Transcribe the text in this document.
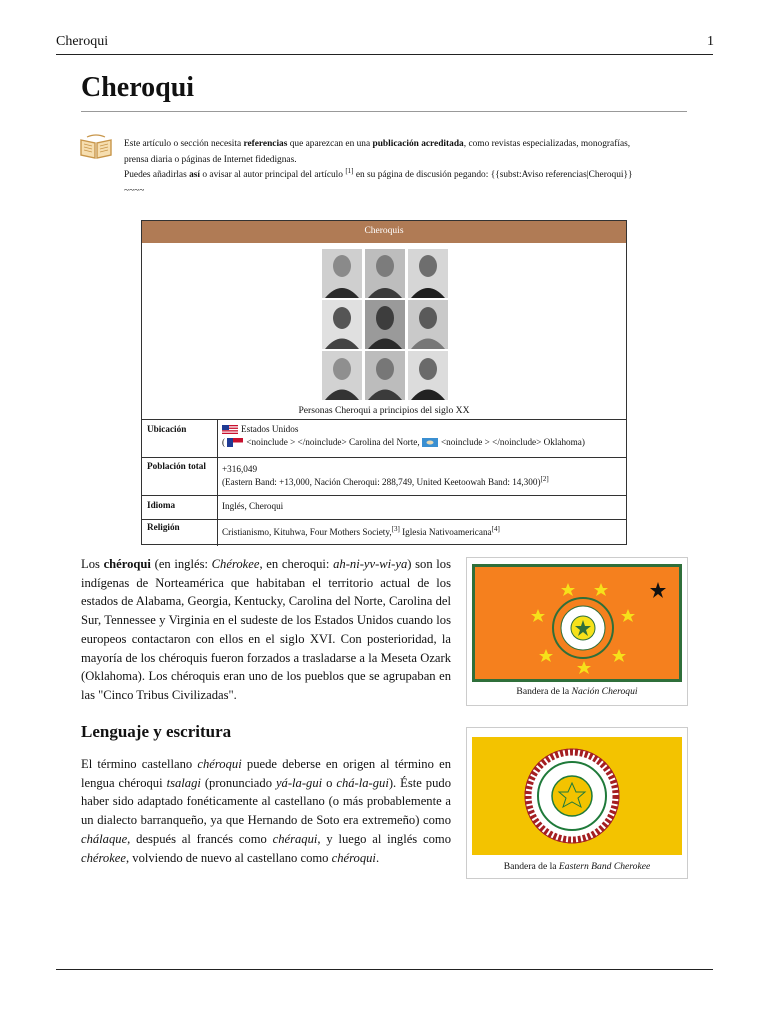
Cheroqui	1
Cheroqui
Este artículo o sección necesita referencias que aparezcan en una publicación acreditada, como revistas especializadas, monografías,
prensa diaria o páginas de Internet fidedignas.
Puedes añadirlas así o avisar al autor principal del artículo [1] en su página de discusión pegando: {{subst:Aviso referencias|Cheroqui}}
~~~~
Cheroquis
Personas Cheroqui a principios del siglo XX
Ubicación	Estados Unidos
( <noinclude > </noinclude> Carolina del Norte, <noinclude > </noinclude> Oklahoma)
Población total +316,049
(Eastern Band: +13,000, Nación Cheroqui: 288,749, United Keetoowah Band: 14,300)[2]
Idioma	Inglés, Cheroqui
Religión	Cristianismo, Kituhwa, Four Mothers Society,[3] Iglesia Nativoamericana[4]
Los chéroqui (en inglés: Chérokee, en cheroqui: ah-ni-yv-wi-ya) son los indígenas de Norteamérica que habitaban el territorio actual de los estados de Alabama, Georgia, Kentucky, Carolina del Norte, Carolina del Sur, Tennessee y Virginia en el sudeste de los Estados Unidos cuando los europeos contactaron con ellos en el siglo XVI. Con posterioridad, la mayoría de los chéroquis fueron forzados a trasladarse a la Meseta Ozark (Oklahoma). Los chéroquis eran uno de los pueblos que se agrupaban en las "Cinco Tribus Civilizadas".	Bandera de la Nación Cheroqui
Lenguaje y escritura
El término castellano chéroqui puede deberse en origen al término en lengua chéroqui tsalagi (pronunciado yá-la-gui o chá-la-gui). Éste pudo haber sido adaptado fonéticamente al castellano (o más probablemente a un dialecto barranqueño, ya que Hernando de Soto era extremeño) como chálaque, después al francés como chéraqui, y luego al inglés como chérokee, volviendo de nuevo al castellano como chéroqui.
Bandera de la Eastern Band Cherokee
